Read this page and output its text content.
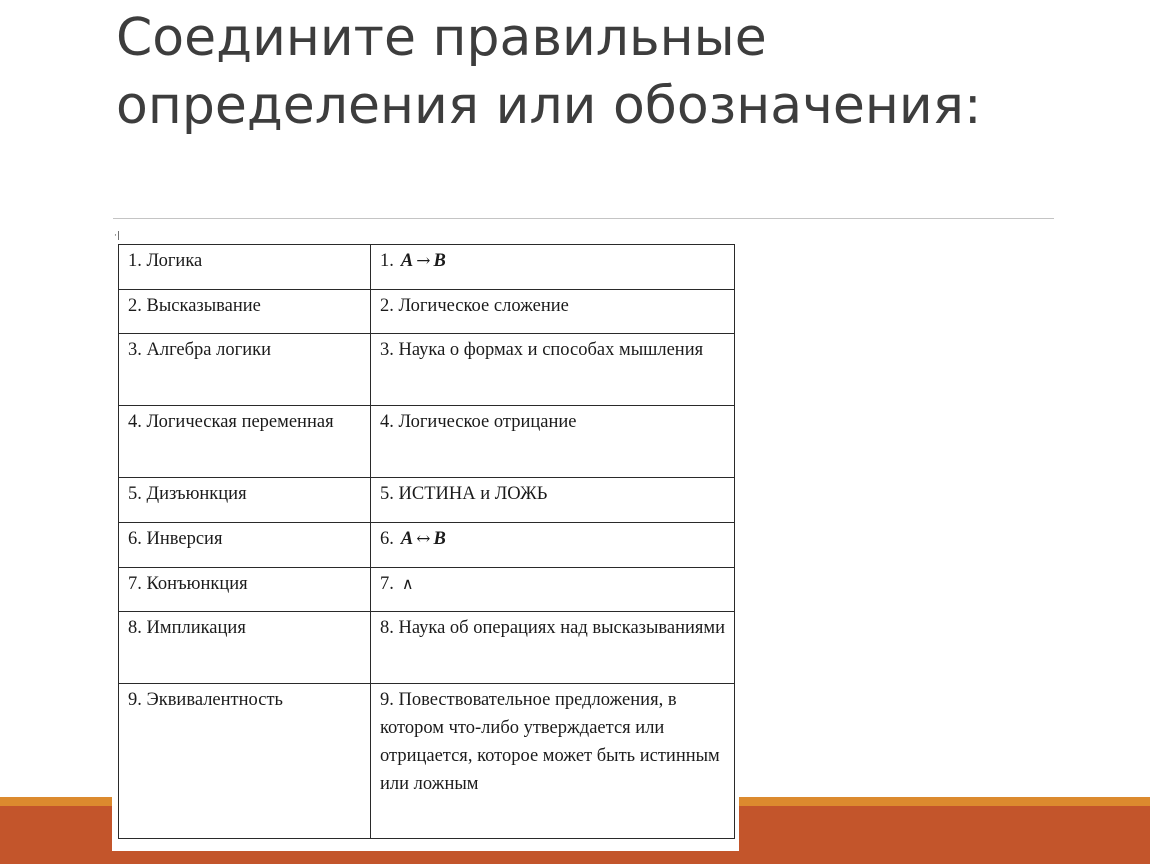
Соедините правильные
определения или обозначения:
·|
1. Логика	1. A → B
2. Высказывание	2. Логическое сложение
3. Алгебра логики	3. Наука о формах и способах мышления
4. Логическая переменная	4. Логическое отрицание
5. Дизъюнкция	5. ИСТИНА и ЛОЖЬ
6. Инверсия	6. A ↔ B
7. Конъюнкция	7. ∧
8. Импликация	8. Наука об операциях над высказываниями
9. Эквивалентность	9. Повествовательное предложения, в котором что-либо утверждается или отрицается, которое может быть истинным или ложным
